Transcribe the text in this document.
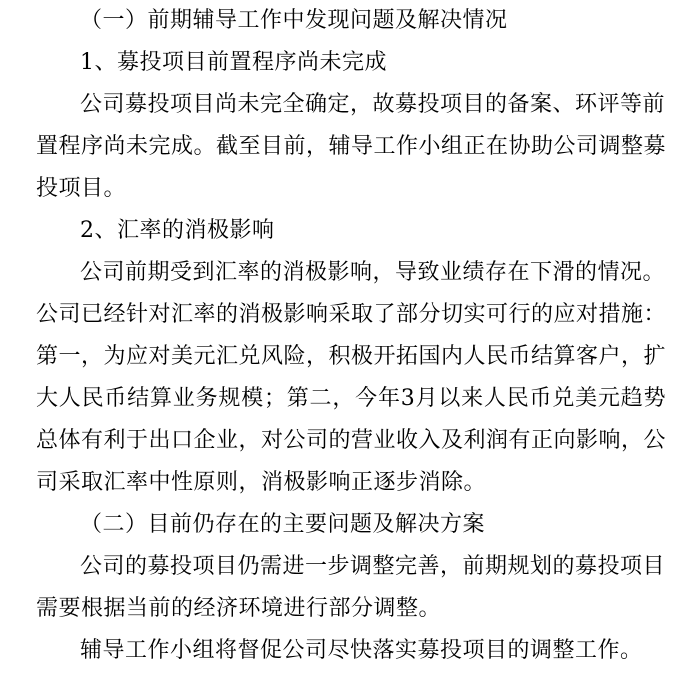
（一）前期辅导工作中发现问题及解决情况
1、募投项目前置程序尚未完成
公司募投项目尚未完全确定，故募投项目的备案、环评等前
置程序尚未完成。截至目前，辅导工作小组正在协助公司调整募
投项目。
2、汇率的消极影响
公司前期受到汇率的消极影响，导致业绩存在下滑的情况。
公司已经针对汇率的消极影响采取了部分切实可行的应对措施：
第一，为应对美元汇兑风险，积极开拓国内人民币结算客户，扩
大人民币结算业务规模；第二，今年3月以来人民币兑美元趋势
总体有利于出口企业，对公司的营业收入及利润有正向影响，公
司采取汇率中性原则，消极影响正逐步消除。
（二）目前仍存在的主要问题及解决方案
公司的募投项目仍需进一步调整完善，前期规划的募投项目
需要根据当前的经济环境进行部分调整。
辅导工作小组将督促公司尽快落实募投项目的调整工作。
